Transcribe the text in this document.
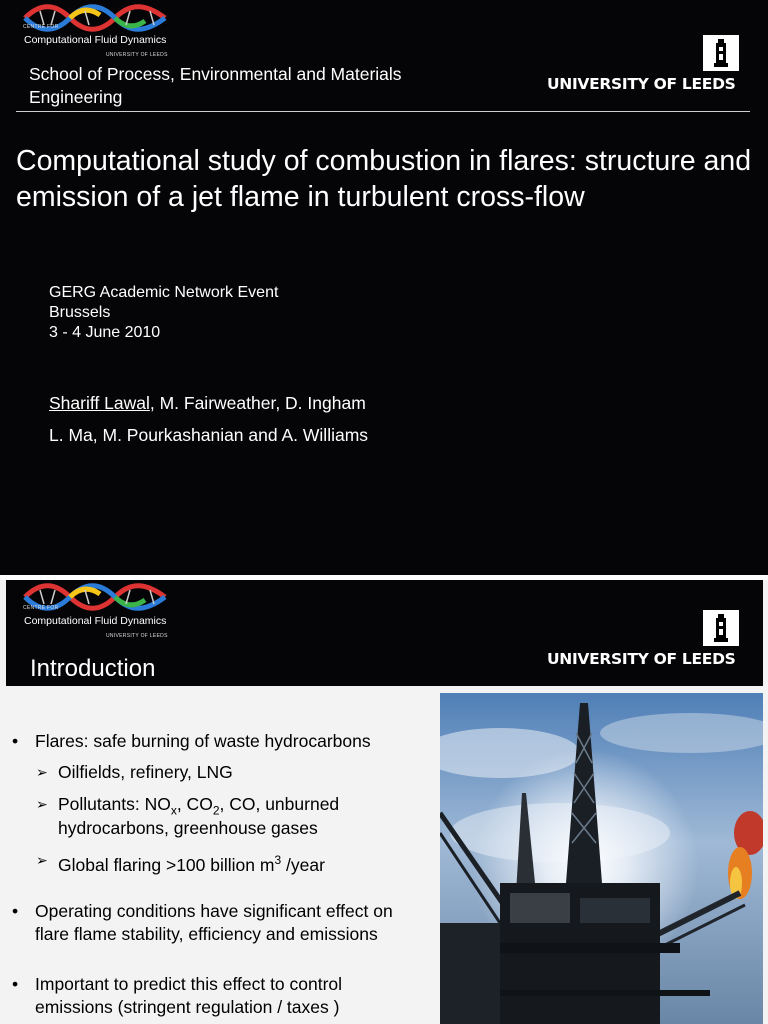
CENTRE FOR
Computational Fluid Dynamics
UNIVERSITY OF LEEDS
UNIVERSITY OF LEEDS
School of Process, Environmental and Materials Engineering
Computational study of combustion in flares: structure and emission of a jet flame in turbulent cross-flow
GERG Academic Network Event
Brussels
3 - 4 June 2010
Shariff Lawal, M. Fairweather, D. Ingham
L. Ma, M. Pourkashanian and A. Williams
CENTRE FOR
Computational Fluid Dynamics
UNIVERSITY OF LEEDS
UNIVERSITY OF LEEDS
Introduction
• Flares: safe burning of waste hydrocarbons
➢ Oilfields, refinery, LNG
➢ Pollutants: $NO_x$, $CO_2$, CO, unburned
hydrocarbons, greenhouse gases
➢ Global flaring >100 billion $m^3$ /year
• Operating conditions have significant effect on
flare flame stability, efficiency and emissions
• Important to predict this effect to control
emissions (stringent regulation / taxes )
